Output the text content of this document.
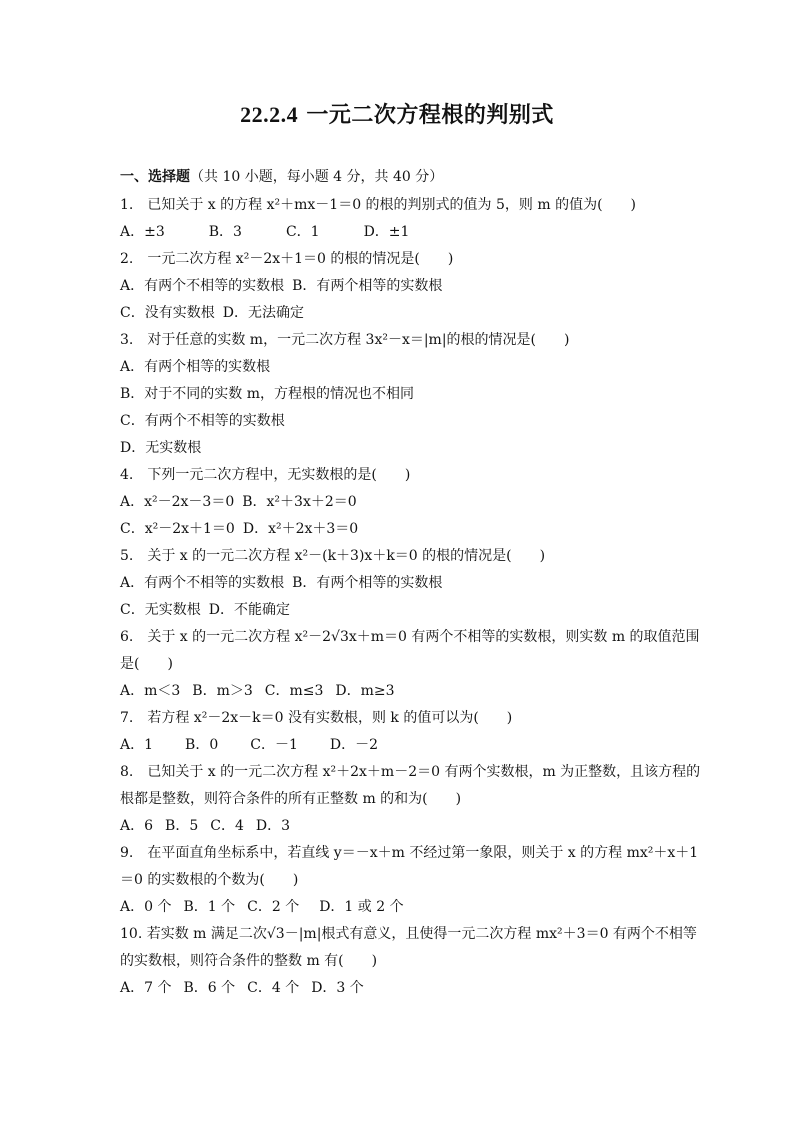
22.2.4 一元二次方程根的判别式
一、选择题（共 10 小题，每小题 4 分，共 40 分）
1.　已知关于 x 的方程 x²＋mx－1＝0 的根的判别式的值为 5，则 m 的值为(　　)
A．±3	B．3	C．1	D．±1
2.　一元二次方程 x²－2x＋1＝0 的根的情况是(　　)
A．有两个不相等的实数根 B．有两个相等的实数根
C．没有实数根 D．无法确定
3.　对于任意的实数 m，一元二次方程 3x²－x＝|m|的根的情况是(　　)
A．有两个相等的实数根
B．对于不同的实数 m，方程根的情况也不相同
C．有两个不相等的实数根
D．无实数根
4.　下列一元二次方程中，无实数根的是(　　)
A．x²－2x－3＝0 B．x²＋3x＋2＝0
C．x²－2x＋1＝0 D．x²＋2x＋3＝0
5.　关于 x 的一元二次方程 x²－(k＋3)x＋k＝0 的根的情况是(　　)
A．有两个不相等的实数根 B．有两个相等的实数根
C．无实数根 D．不能确定
6.　关于 x 的一元二次方程 x²－2√3x＋m＝0 有两个不相等的实数根，则实数 m 的取值范围
是(　　)
A．m＜3 B．m＞3 C．m≤3 D．m≥3
7.　若方程 x²－2x－k＝0 没有实数根，则 k 的值可以为(　　)
A．1 B．0 C．－1 D．－2
8.　已知关于 x 的一元二次方程 x²＋2x＋m－2＝0 有两个实数根，m 为正整数，且该方程的
根都是整数，则符合条件的所有正整数 m 的和为(　　)
A．6 B．5 C．4 D．3
9.　在平面直角坐标系中，若直线 y＝－x＋m 不经过第一象限，则关于 x 的方程 mx²＋x＋1
＝0 的实数根的个数为(　　)
A．0 个 B．1 个 C．2 个 D．1 或 2 个
10. 若实数 m 满足二次√3－|m|根式有意义，且使得一元二次方程 mx²＋3＝0 有两个不相等
的实数根，则符合条件的整数 m 有(　　)
A．7 个 B．6 个 C．4 个 D．3 个
